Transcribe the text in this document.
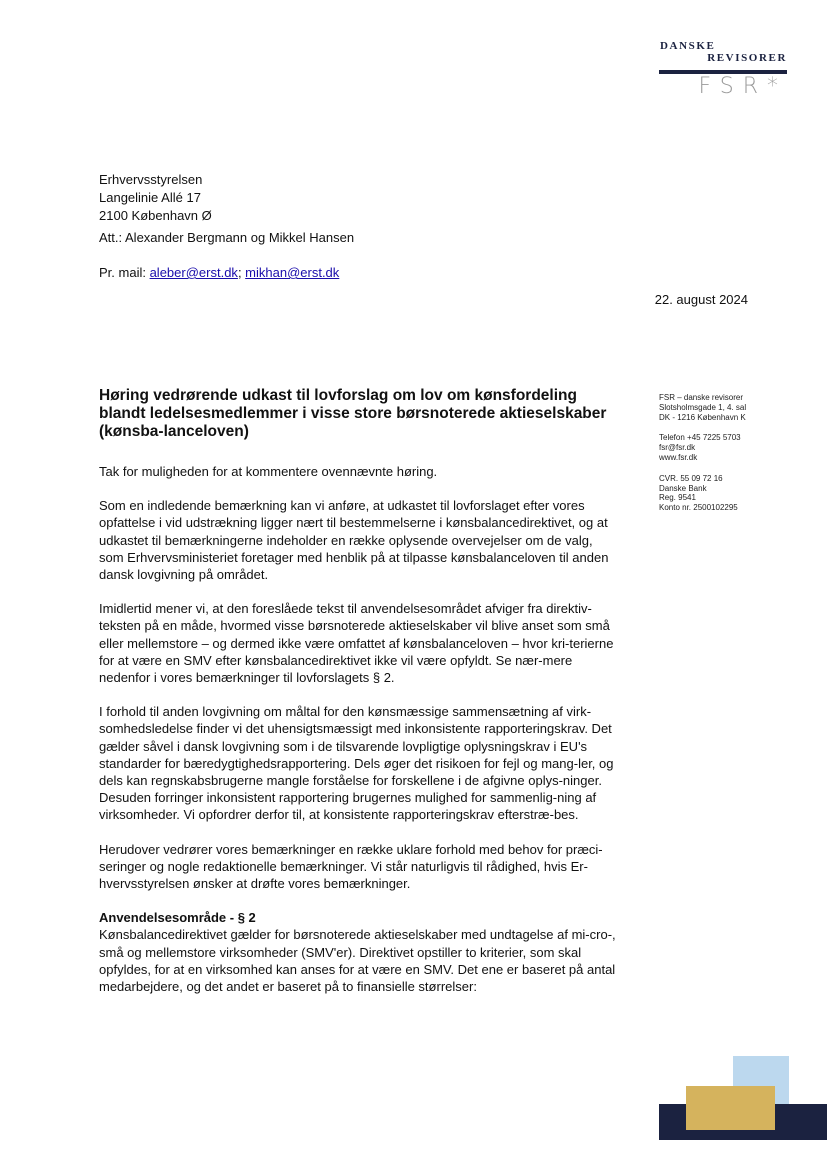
DANSKE
REVISORER
FSR*
Erhvervsstyrelsen
Langelinie Allé 17
2100 København Ø
Att.: Alexander Bergmann og Mikkel Hansen
Pr. mail: aleber@erst.dk; mikhan@erst.dk
22. august 2024
Høring vedrørende udkast til lovforslag om lov om kønsfordeling blandt ledelsesmedlemmer i visse store børsnoterede aktieselskaber (kønsba-lanceloven)
FSR – danske revisorer
Slotsholmsgade 1, 4. sal
DK - 1216 København K
Telefon +45 7225 5703
fsr@fsr.dk
www.fsr.dk
CVR. 55 09 72 16
Danske Bank
Reg. 9541
Konto nr. 2500102295

Tak for muligheden for at kommentere ovennævnte høring.

Som en indledende bemærkning kan vi anføre, at udkastet til lovforslaget efter vores opfattelse i vid udstrækning ligger nært til bestemmelserne i kønsbalancedirektivet, og at udkastet til bemærkningerne indeholder en række oplysende overvejelser om de valg, som Erhvervsministeriet foretager med henblik på at tilpasse kønsbalanceloven til anden dansk lovgivning på området.

Imidlertid mener vi, at den foreslåede tekst til anvendelsesområdet afviger fra direktiv-teksten på en måde, hvormed visse børsnoterede aktieselskaber vil blive anset som små eller mellemstore – og dermed ikke være omfattet af kønsbalanceloven – hvor kri-terierne for at være en SMV efter kønsbalancedirektivet ikke vil være opfyldt. Se nær-mere nedenfor i vores bemærkninger til lovforslagets § 2.

I forhold til anden lovgivning om måltal for den kønsmæssige sammensætning af virk-somhedsledelse finder vi det uhensigtsmæssigt med inkonsistente rapporteringskrav. Det gælder såvel i dansk lovgivning som i de tilsvarende lovpligtige oplysningskrav i EU's standarder for bæredygtighedsrapportering. Dels øger det risikoen for fejl og mang-ler, og dels kan regnskabsbrugerne mangle forståelse for forskellene i de afgivne oplys-ninger. Desuden forringer inkonsistent rapportering brugernes mulighed for sammenlig-ning af virksomheder. Vi opfordrer derfor til, at konsistente rapporteringskrav efterstræ-bes.

Herudover vedrører vores bemærkninger en række uklare forhold med behov for præci-seringer og nogle redaktionelle bemærkninger. Vi står naturligvis til rådighed, hvis Er-hvervsstyrelsen ønsker at drøfte vores bemærkninger.

Anvendelsesområde - § 2

Kønsbalancedirektivet gælder for børsnoterede aktieselskaber med undtagelse af mi-cro-, små og mellemstore virksomheder (SMV'er). Direktivet opstiller to kriterier, som skal opfyldes, for at en virksomhed kan anses for at være en SMV. Det ene er baseret på antal medarbejdere, og det andet er baseret på to finansielle størrelser:
